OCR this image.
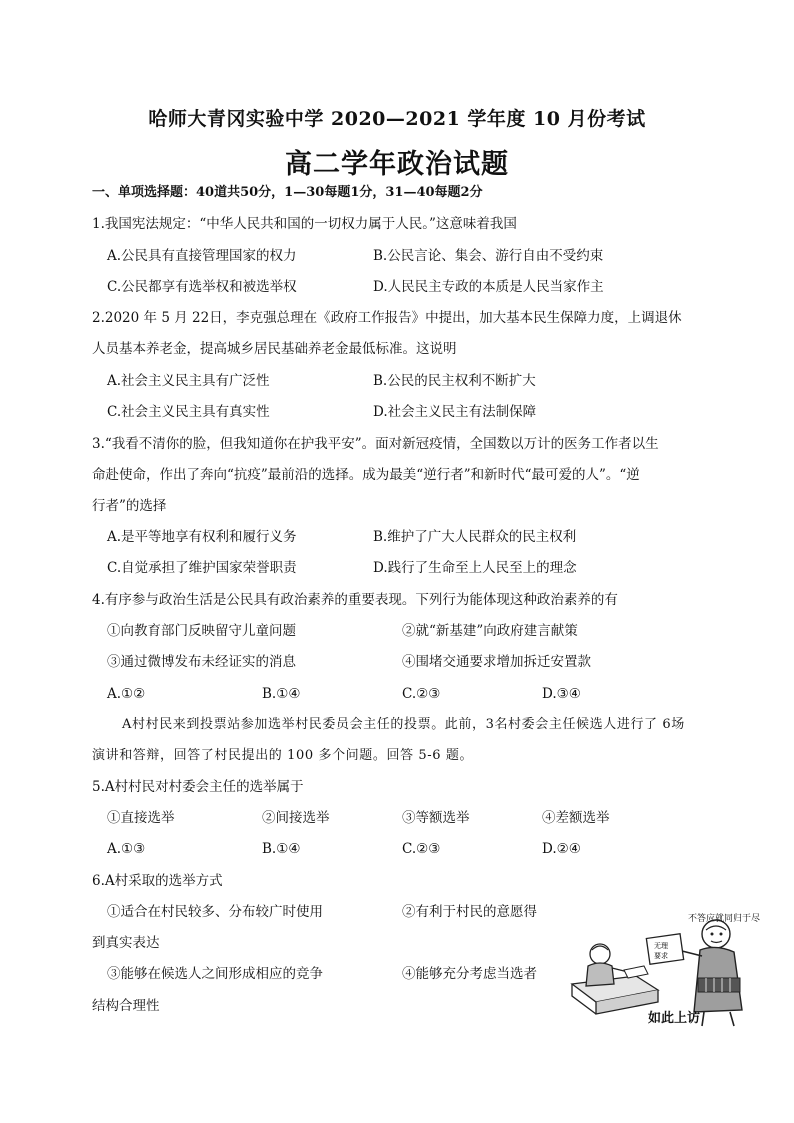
哈师大青冈实验中学 2020—2021 学年度 10 月份考试
高二学年政治试题
一、单项选择题：40道共50分，1—30每题1分，31—40每题2分
1.我国宪法规定：“中华人民共和国的一切权力属于人民。”这意味着我国
A.公民具有直接管理国家的权力	B.公民言论、集会、游行自由不受约束
C.公民都享有选举权和被选举权	D.人民民主专政的本质是人民当家作主
2.2020 年 5 月 22日，李克强总理在《政府工作报告》中提出，加大基本民生保障力度，上调退休
人员基本养老金，提高城乡居民基础养老金最低标准。这说明
A.社会主义民主具有广泛性	B.公民的民主权利不断扩大
C.社会主义民主具有真实性	D.社会主义民主有法制保障
3.“我看不清你的脸，但我知道你在护我平安”。面对新冠疫情，全国数以万计的医务工作者以生
命赴使命，作出了奔向“抗疫”最前沿的选择。成为最美“逆行者”和新时代“最可爱的人”。“逆
行者”的选择
A.是平等地享有权利和履行义务	B.维护了广大人民群众的民主权利
C.自觉承担了维护国家荣誉职责	D.践行了生命至上人民至上的理念
4.有序参与政治生活是公民具有政治素养的重要表现。下列行为能体现这种政治素养的有
①向教育部门反映留守儿童问题	②就“新基建”向政府建言献策
③通过微博发布未经证实的消息	④围堵交通要求增加拆迁安置款
A.①②	B.①④	C.②③	D.③④
A村村民来到投票站参加选举村民委员会主任的投票。此前，3名村委会主任候选人进行了 6场
演讲和答辩，回答了村民提出的 100 多个问题。回答 5-6 题。
5.A村村民对村委会主任的选举属于
①直接选举	②间接选举	③等额选举	④差额选举
A.①③	B.①④	C.②③	D.②④
6.A村采取的选举方式
①适合在村民较多、分布较广时使用	②有利于村民的意愿得
到真实表达
③能够在候选人之间形成相应的竞争	④能够充分考虑当选者
结构合理性
无理
要求
不答应就同归于尽
如此上访
